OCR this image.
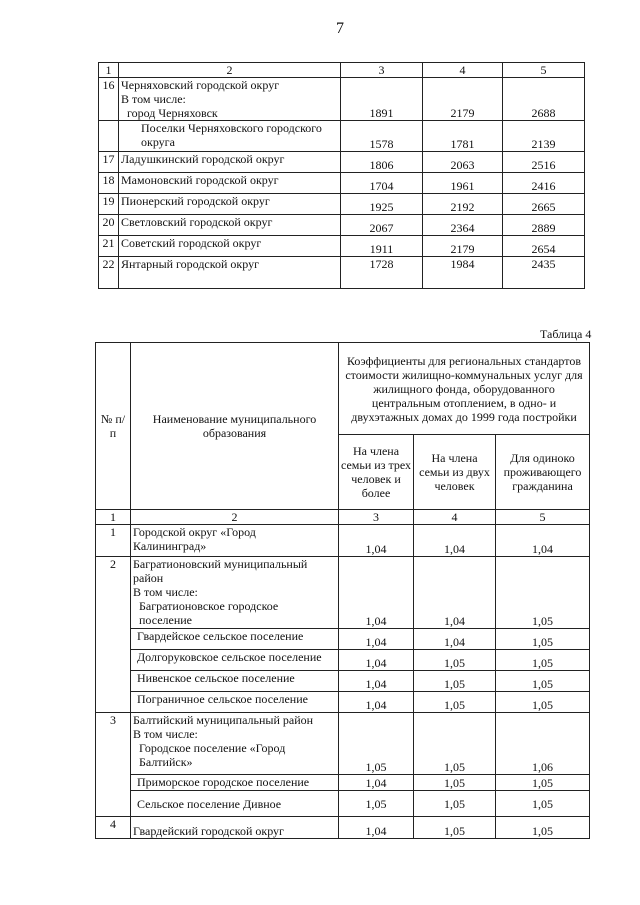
7
1	2	3	4	5
16	Черняховский городской округ
В том числе:
город Черняховск	1891	2179	2688

	Поселки Черняховского городского
округа	1578	1781	2139
17	Ладушкинский городской округ	1806	2063	2516
18	Мамоновский городской округ	1704	1961	2416
19	Пионерский городской округ	1925	2192	2665
20	Светловский городской округ	2067	2364	2889
21	Советский городской округ	1911	2179	2654
22	Янтарный городской округ	1728	1984	2435
Таблица 4
№ п/п	Наименование муниципального образования	Коэффициенты для региональных стандартов стоимости жилищно-коммунальных услуг для жилищного фонда, оборудованного центральным отоплением, в одно- и двухэтажных домах до 1999 года постройки		
		На члена семьи из трех человек и более	На члена семьи из двух человек	Для одиноко проживающего гражданина
1	2	3	4	5
1	Городской округ «Город
Калининград»	1,04	1,04	1,04
2	Багратионовский муниципальный
район
В том числе:
Багратионовское городское
поселение	1,04	1,04	1,05
	Гвардейское сельское поселение	1,04	1,04	1,05
	Долгоруковское сельское поселение	1,04	1,05	1,05
	Нивенское сельское поселение	1,04	1,05	1,05
	Пограничное сельское поселение	1,04	1,05	1,05
3	Балтийский муниципальный район
В том числе:
Городское поселение «Город
Балтийск»	1,05	1,05	1,06
	Приморское городское поселение	1,04	1,05	1,05
	Сельское поселение Дивное	1,05	1,05	1,05
4	Гвардейский городской округ	1,04	1,05	1,05
